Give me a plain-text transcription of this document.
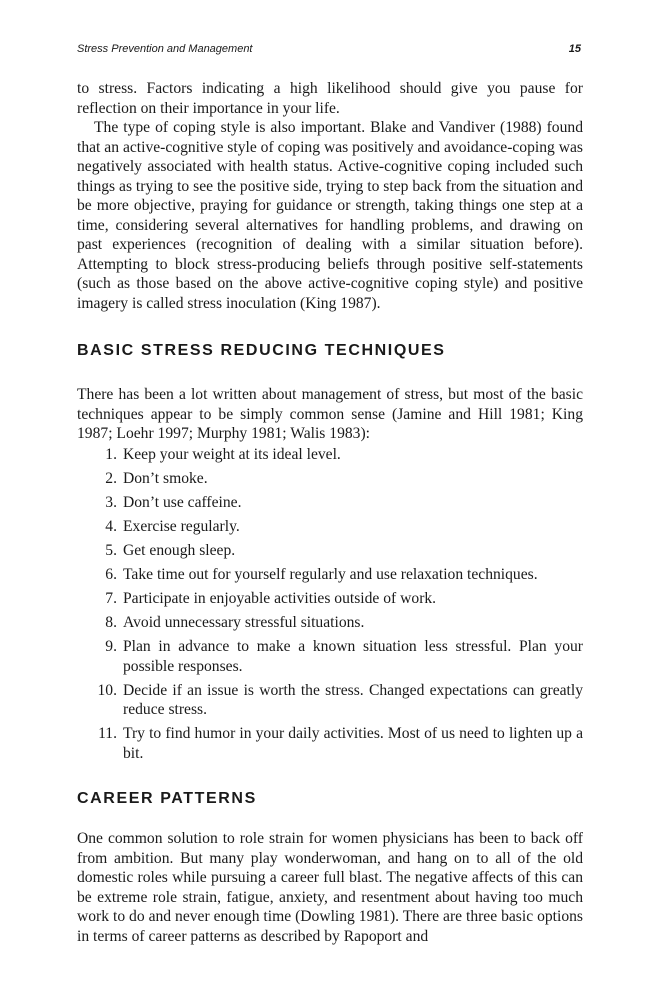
Stress Prevention and Management	15

to stress. Factors indicating a high likelihood should give you pause for reflection on their importance in your life.

The type of coping style is also important. Blake and Vandiver (1988) found that an active-cognitive style of coping was positively and avoidance-coping was negatively associated with health status. Active-cognitive coping included such things as trying to see the positive side, trying to step back from the situation and be more objective, praying for guidance or strength, taking things one step at a time, considering several alternatives for handling problems, and drawing on past experiences (recognition of dealing with a similar situation before). Attempting to block stress-producing beliefs through positive self-statements (such as those based on the above active-cognitive coping style) and positive imagery is called stress inoculation (King 1987).

BASIC STRESS REDUCING TECHNIQUES

There has been a lot written about management of stress, but most of the basic techniques appear to be simply common sense (Jamine and Hill 1981; King 1987; Loehr 1997; Murphy 1981; Walis 1983):

1. Keep your weight at its ideal level.
2. Don’t smoke.
3. Don’t use caffeine.
4. Exercise regularly.
5. Get enough sleep.
6. Take time out for yourself regularly and use relaxation techniques.
7. Participate in enjoyable activities outside of work.
8. Avoid unnecessary stressful situations.
9. Plan in advance to make a known situation less stressful. Plan your possible responses.
10. Decide if an issue is worth the stress. Changed expectations can greatly reduce stress.
11. Try to find humor in your daily activities. Most of us need to lighten up a bit.
CAREER PATTERNS

One common solution to role strain for women physicians has been to back off from ambition. But many play wonderwoman, and hang on to all of the old domestic roles while pursuing a career full blast. The negative affects of this can be extreme role strain, fatigue, anxiety, and resentment about having too much work to do and never enough time (Dowling 1981). There are three basic options in terms of career patterns as described by Rapoport and
